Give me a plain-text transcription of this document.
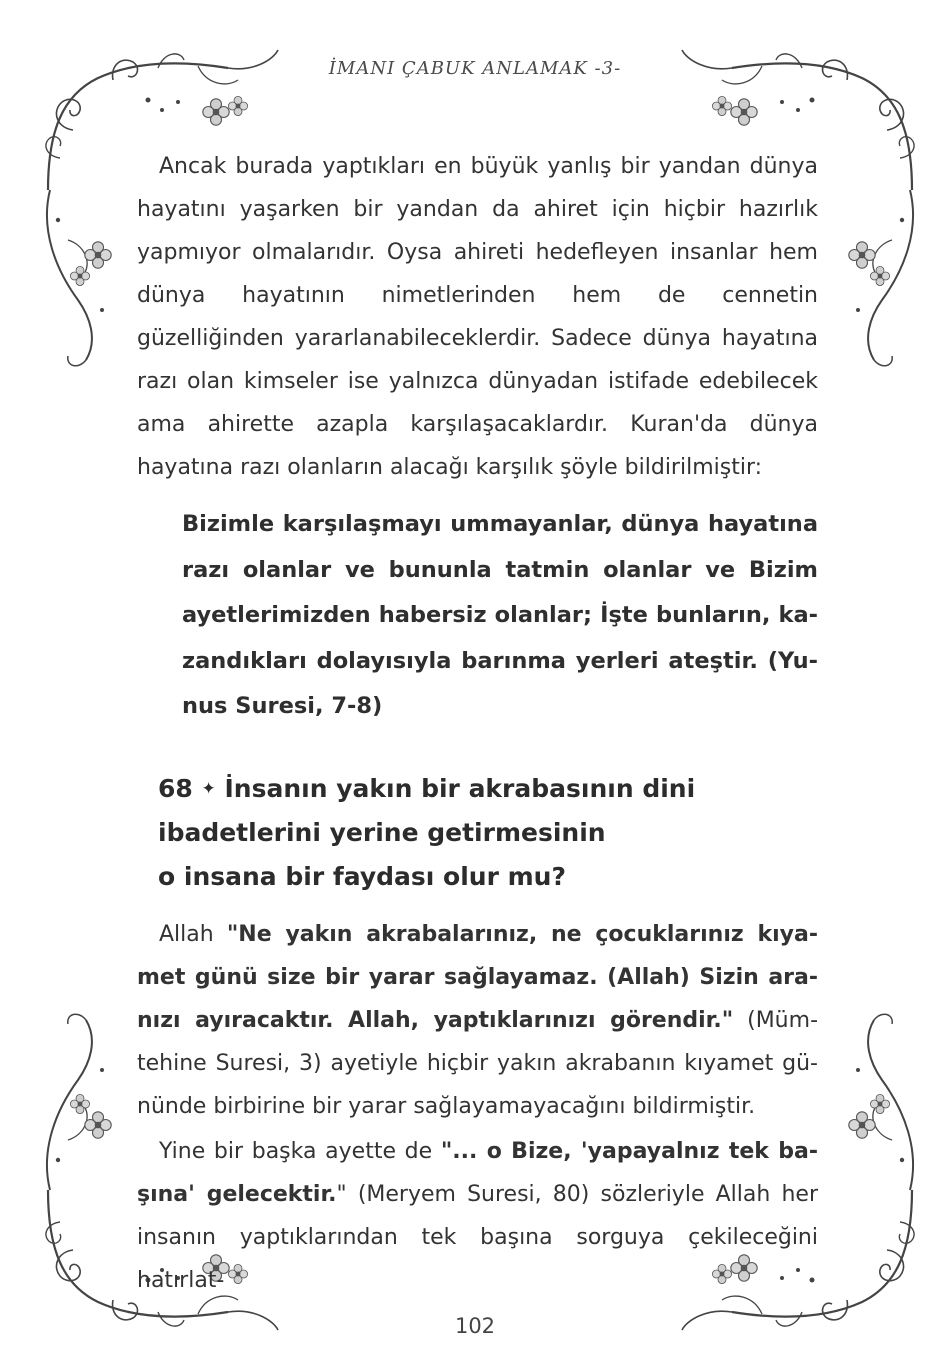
İMANI ÇABUK ANLAMAK -3-

Ancak burada yaptıkları en büyük yanlış bir yandan dünya hayatını yaşarken bir yandan da ahiret için hiçbir hazırlık yapmıyor olmalarıdır. Oysa ahireti hedefleyen insanlar hem dünya hayatının nimetlerinden hem de cennetin güzelliğinden yararlanabileceklerdir. Sadece dünya hayatına razı olan kimseler ise yalnızca dünyadan istifade edebilecek ama ahirette azapla karşılaşacaklardır. Kuran'da dünya hayatına razı olanların alacağı karşılık şöyle bildirilmiştir:

Bizimle karşılaşmayı ummayanlar, dünya hayatına razı olanlar ve bununla tatmin olanlar ve Bizim ayetlerimizden habersiz olanlar; İşte bunların, kazandıkları dolayısıyla barınma yerleri ateştir. (Yunus Suresi, 7-8)

68 ✦ İnsanın yakın bir akrabasının dini
ibadetlerini yerine getirmesinin
o insana bir faydası olur mu?

Allah "Ne yakın akrabalarınız, ne çocuklarınız kıyamet günü size bir yarar sağlayamaz. (Allah) Sizin aranızı ayıracaktır. Allah, yaptıklarınızı görendir." (Mümtehine Suresi, 3) ayetiyle hiçbir yakın akrabanın kıyamet gününde birbirine bir yarar sağlayamayacağını bildirmiştir.

Yine bir başka ayette de "... o Bize, 'yapayalnız tek başına' gelecektir." (Meryem Suresi, 80) sözleriyle Allah her insanın yaptıklarından tek başına sorguya çekileceğini hatırlat-

102
